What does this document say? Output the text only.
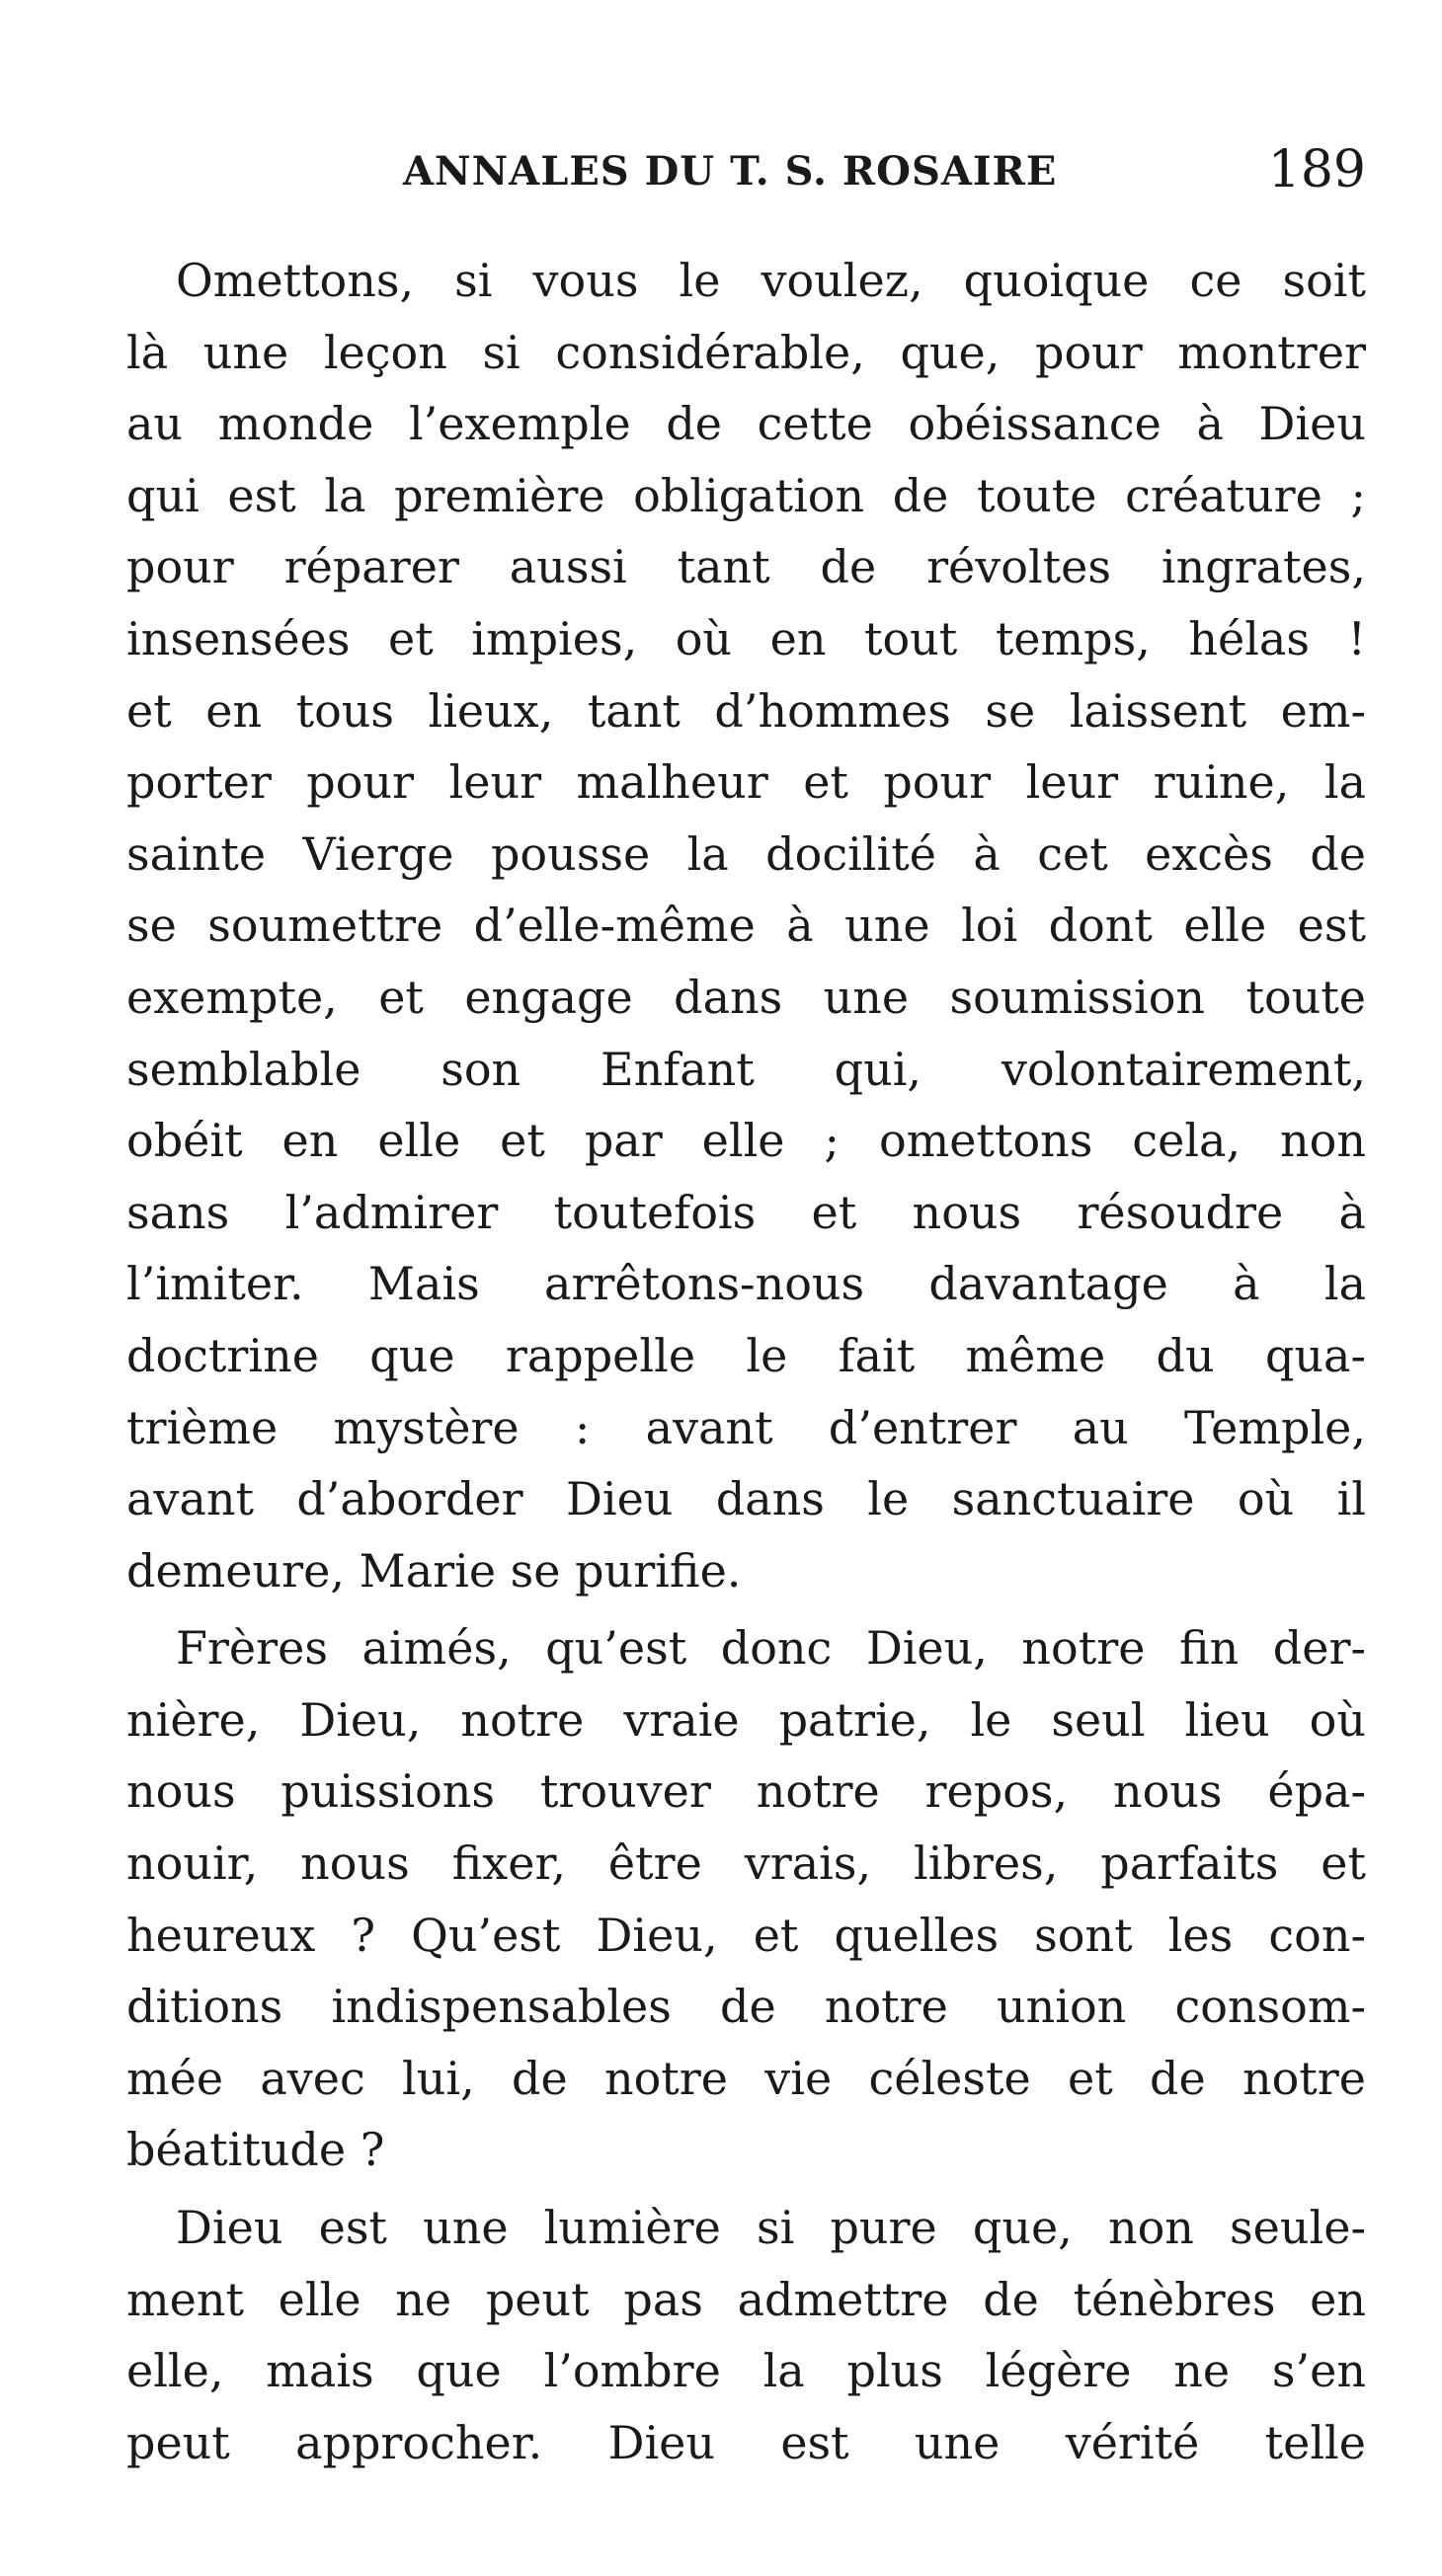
ANNALES DU T. S. ROSAIRE	189
Omettons, si vous le voulez, quoique ce soit
là une leçon si considérable, que, pour montrer
au monde l’exemple de cette obéissance à Dieu
qui est la première obligation de toute créature ;
pour réparer aussi tant de révoltes ingrates,
insensées et impies, où en tout temps, hélas !
et en tous lieux, tant d’hommes se laissent em-
porter pour leur malheur et pour leur ruine, la
sainte Vierge pousse la docilité à cet excès de
se soumettre d’elle-même à une loi dont elle est
exempte, et engage dans une soumission toute
semblable son Enfant qui, volontairement,
obéit en elle et par elle ; omettons cela, non
sans l’admirer toutefois et nous résoudre à
l’imiter. Mais arrêtons-nous davantage à la
doctrine que rappelle le fait même du qua-
trième mystère : avant d’entrer au Temple,
avant d’aborder Dieu dans le sanctuaire où il
demeure, Marie se purifie.
Frères aimés, qu’est donc Dieu, notre fin der-
nière, Dieu, notre vraie patrie, le seul lieu où
nous puissions trouver notre repos, nous épa-
nouir, nous fixer, être vrais, libres, parfaits et
heureux ? Qu’est Dieu, et quelles sont les con-
ditions indispensables de notre union consom-
mée avec lui, de notre vie céleste et de notre
béatitude ?
Dieu est une lumière si pure que, non seule-
ment elle ne peut pas admettre de ténèbres en
elle, mais que l’ombre la plus légère ne s’en
peut approcher. Dieu est une vérité telle
